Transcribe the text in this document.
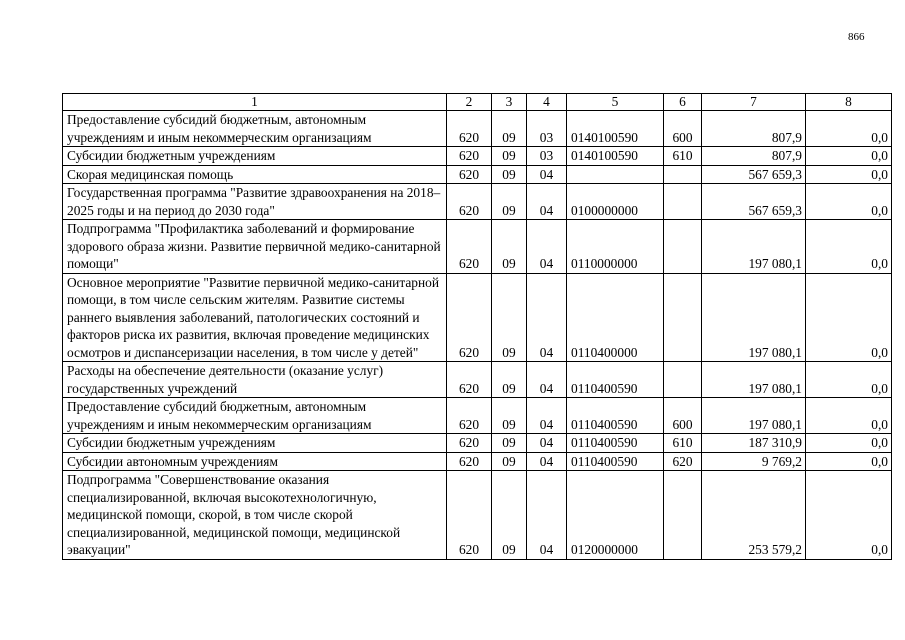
866
1	2	3	4	5	6	7	8
Предоставление субсидий бюджетным, автономным учреждениям и иным некоммерческим организациям	620	09	03	0140100590	600	807,9	0,0
Субсидии бюджетным учреждениям	620	09	03	0140100590	610	807,9	0,0
Скорая медицинская помощь	620	09	04			567 659,3	0,0
Государственная программа "Развитие здравоохранения на 2018–2025 годы и на период до 2030 года"	620	09	04	0100000000		567 659,3	0,0
Подпрограмма "Профилактика заболеваний и формирование здорового образа жизни. Развитие первичной медико-санитарной помощи"	620	09	04	0110000000		197 080,1	0,0
Основное мероприятие "Развитие первичной медико-санитарной помощи, в том числе сельским жителям. Развитие системы раннего выявления заболеваний, патологических состояний и факторов риска их развития, включая проведение медицинских осмотров и диспансеризации населения, в том числе у детей"	620	09	04	0110400000		197 080,1	0,0
Расходы на обеспечение деятельности (оказание услуг) государственных учреждений	620	09	04	0110400590		197 080,1	0,0
Предоставление субсидий бюджетным, автономным учреждениям и иным некоммерческим организациям	620	09	04	0110400590	600	197 080,1	0,0
Субсидии бюджетным учреждениям	620	09	04	0110400590	610	187 310,9	0,0
Субсидии автономным учреждениям	620	09	04	0110400590	620	9 769,2	0,0
Подпрограмма "Совершенствование оказания специализированной, включая высокотехнологичную, медицинской помощи, скорой, в том числе скорой специализированной, медицинской помощи, медицинской эвакуации"	620	09	04	0120000000		253 579,2	0,0
